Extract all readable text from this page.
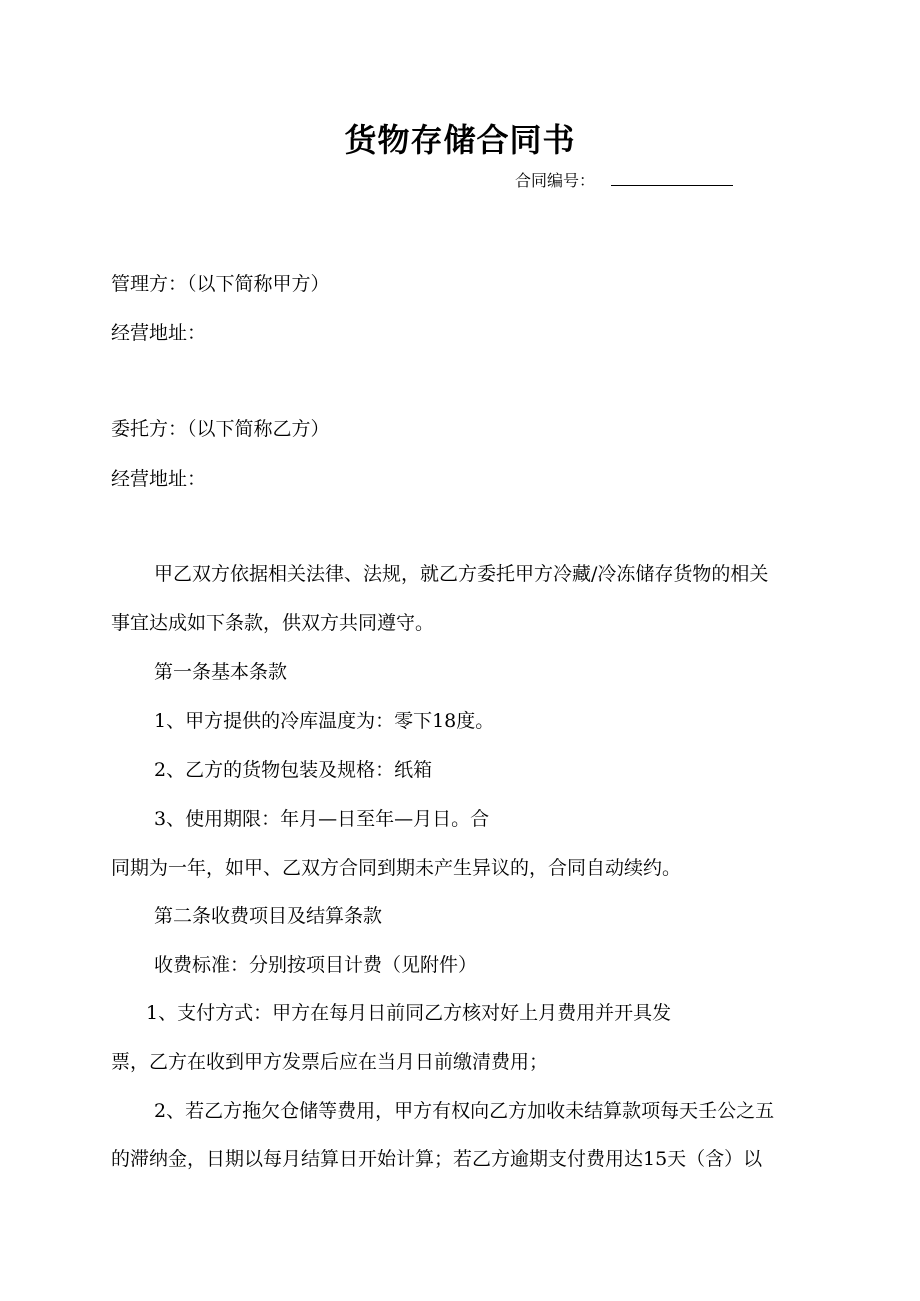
货物存储合同书
合同编号：
管理方：（以下简称甲方）
经营地址：
委托方：（以下简称乙方）
经营地址：
甲乙双方依据相关法律、法规，就乙方委托甲方冷藏/冷冻储存货物的相关
事宜达成如下条款，供双方共同遵守。
第一条基本条款
1、甲方提供的冷库温度为：零下18度。
2、乙方的货物包装及规格：纸箱
3、使用期限：年月—日至年—月日。合
同期为一年，如甲、乙双方合同到期未产生异议的，合同自动续约。
第二条收费项目及结算条款
收费标准：分别按项目计费（见附件）
1、支付方式：甲方在每月日前同乙方核对好上月费用并开具发
票，乙方在收到甲方发票后应在当月日前缴清费用；
2、若乙方拖欠仓储等费用，甲方有权向乙方加收未结算款项每天壬公之五
的滞纳金，日期以每月结算日开始计算；若乙方逾期支付费用达15天（含）以
